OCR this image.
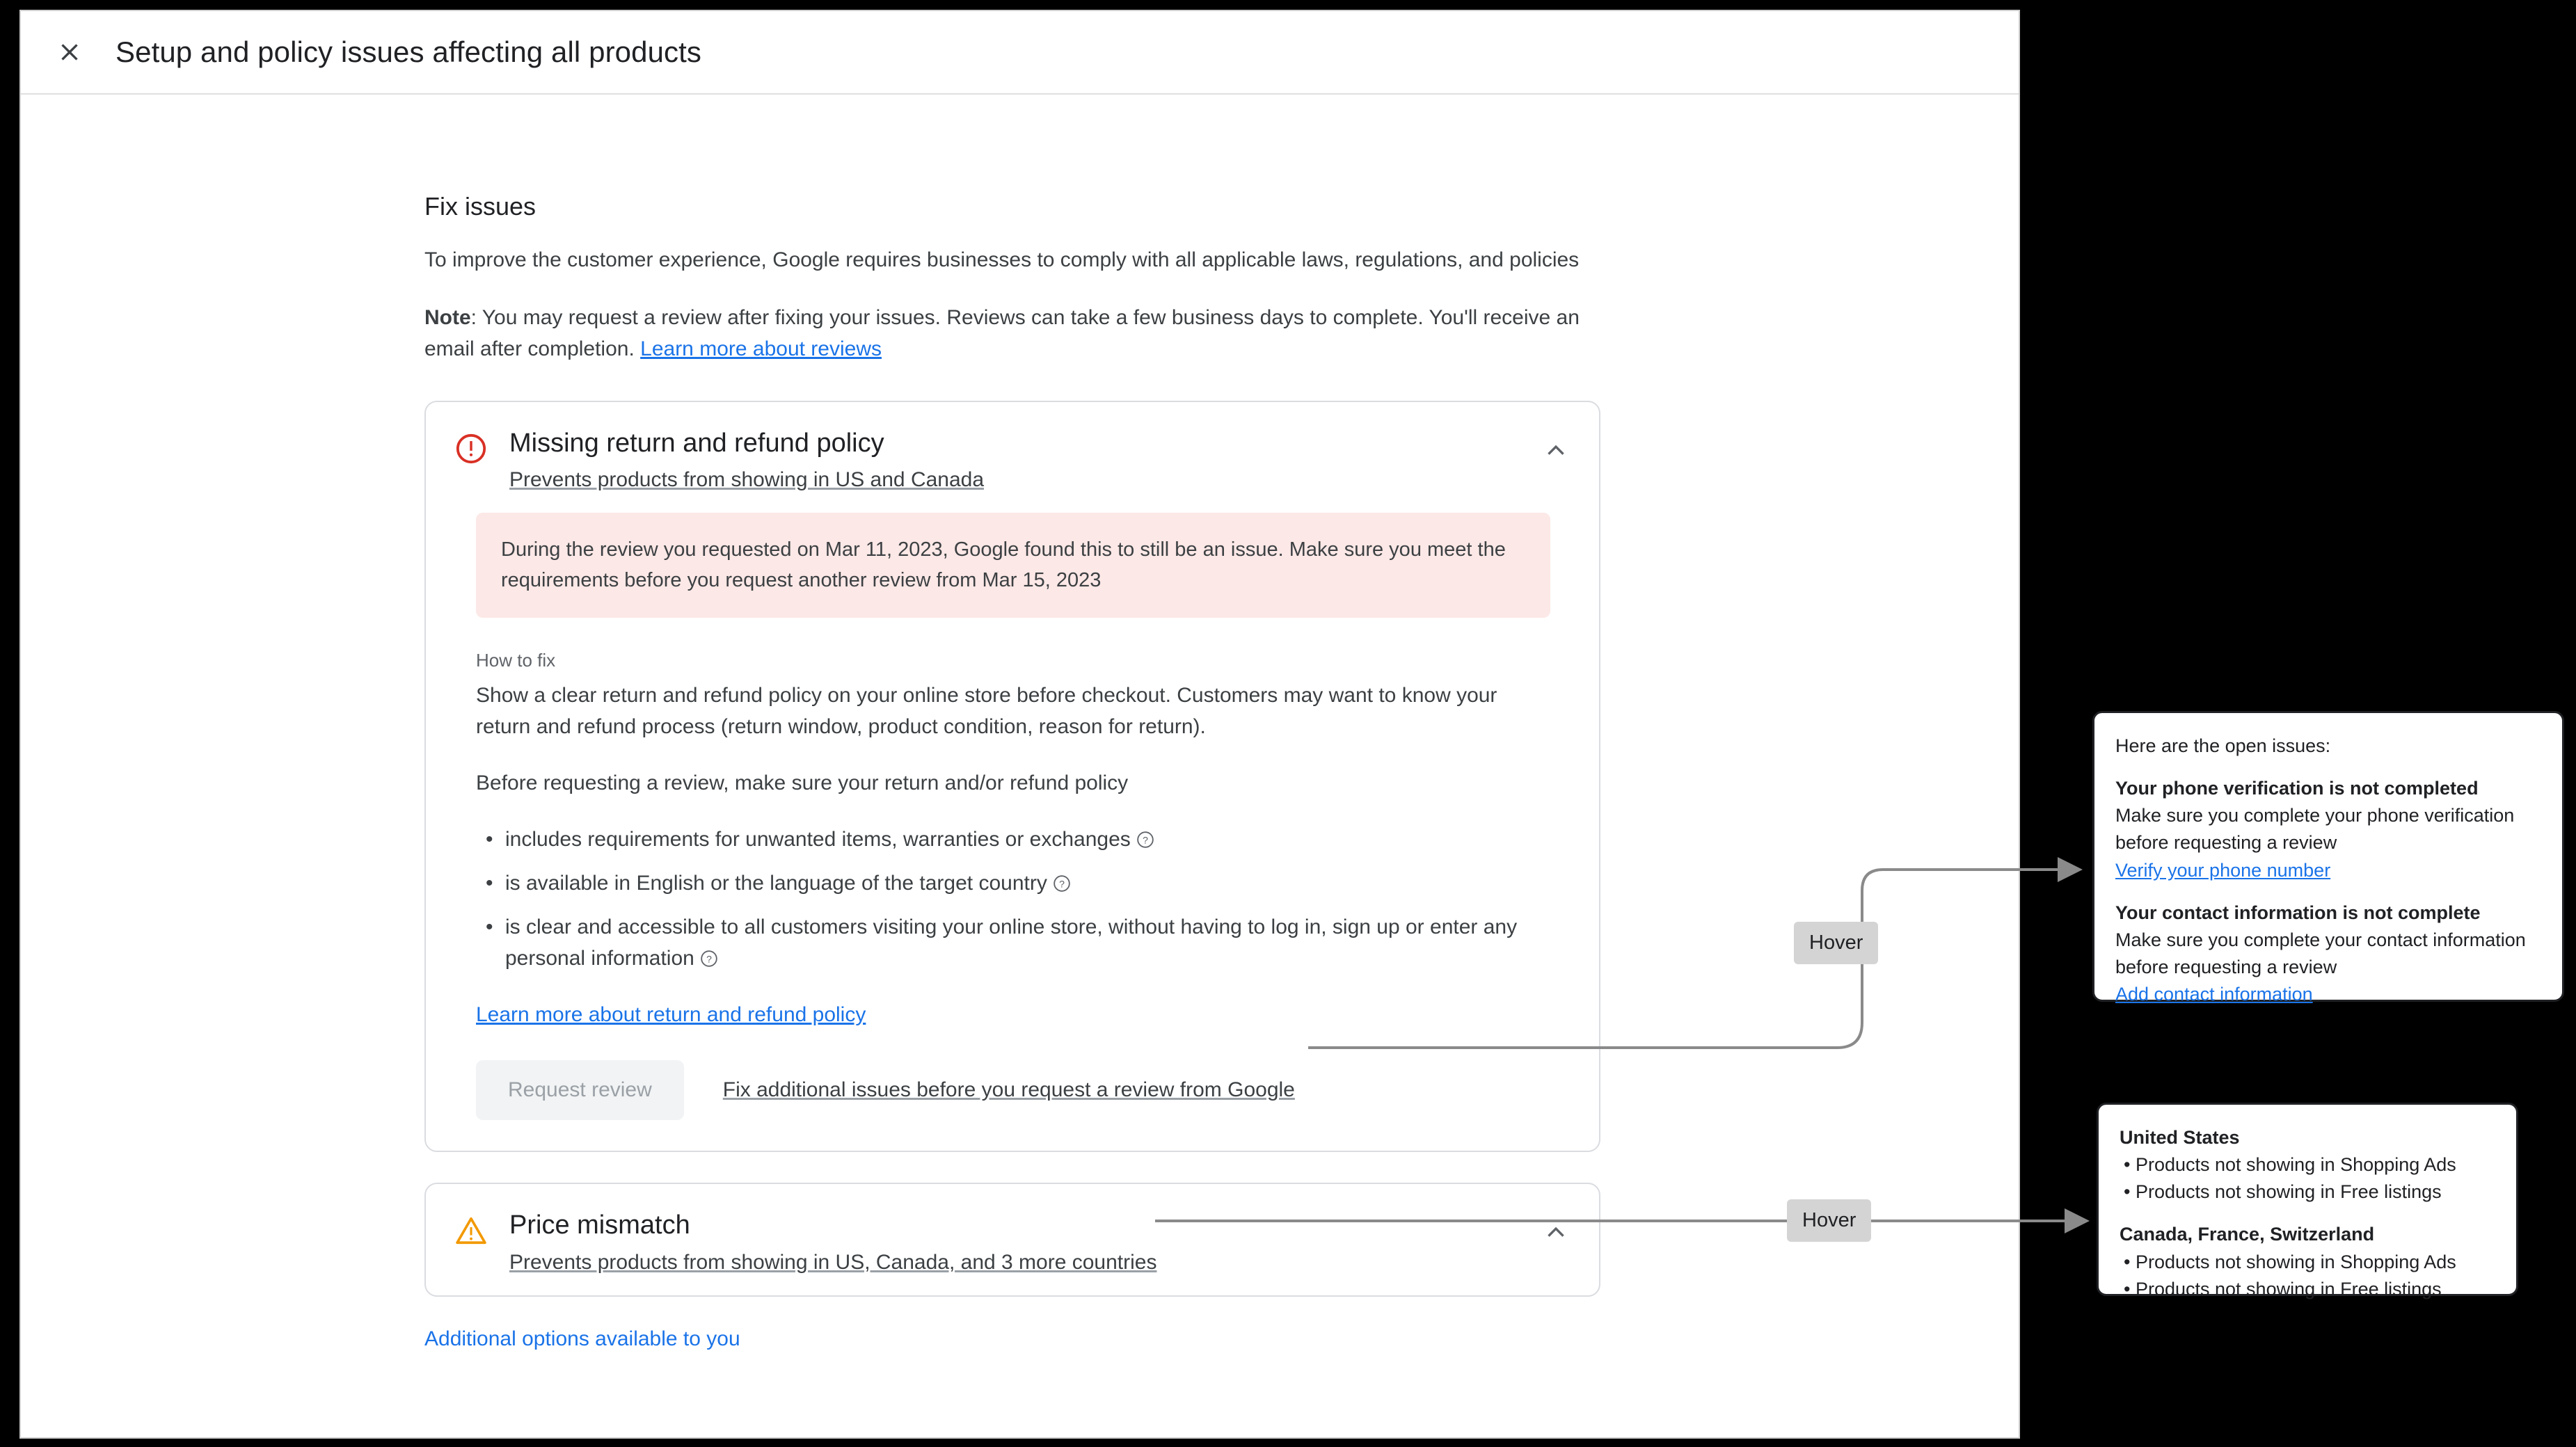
Setup and policy issues affecting all products
Fix issues

To improve the customer experience, Google requires businesses to comply with all applicable laws, regulations, and policies

Note: You may request a review after fixing your issues. Reviews can take a few business days to complete. You'll receive an email after completion. Learn more about reviews

Missing return and refund policy
Prevents products from showing in US and Canada
During the review you requested on Mar 11, 2023, Google found this to still be an issue. Make sure you meet the requirements before you request another review from Mar 15, 2023
How to fix

Show a clear return and refund policy on your online store before checkout. Customers may want to know your return and refund process (return window, product condition, reason for return).

Before requesting a review, make sure your return and/or refund policy

• includes requirements for unwanted items, warranties or exchanges ?
• is available in English or the language of the target country ?
• is clear and accessible to all customers visiting your online store, without having to log in, sign up or enter any personal information ?
Learn more about return and refund policy
Request review	Fix additional issues before you request a review from Google
Price mismatch
Prevents products from showing in US, Canada, and 3 more countries
Additional options available to you
Hover
Hover
Here are the open issues:
Your phone verification is not completed
Make sure you complete your phone verification before requesting a review
Verify your phone number
Your contact information is not complete
Make sure you complete your contact information before requesting a review
Add contact information
United States
• Products not showing in Shopping Ads
• Products not showing in Free listings
Canada, France, Switzerland
• Products not showing in Shopping Ads
• Products not showing in Free listings
